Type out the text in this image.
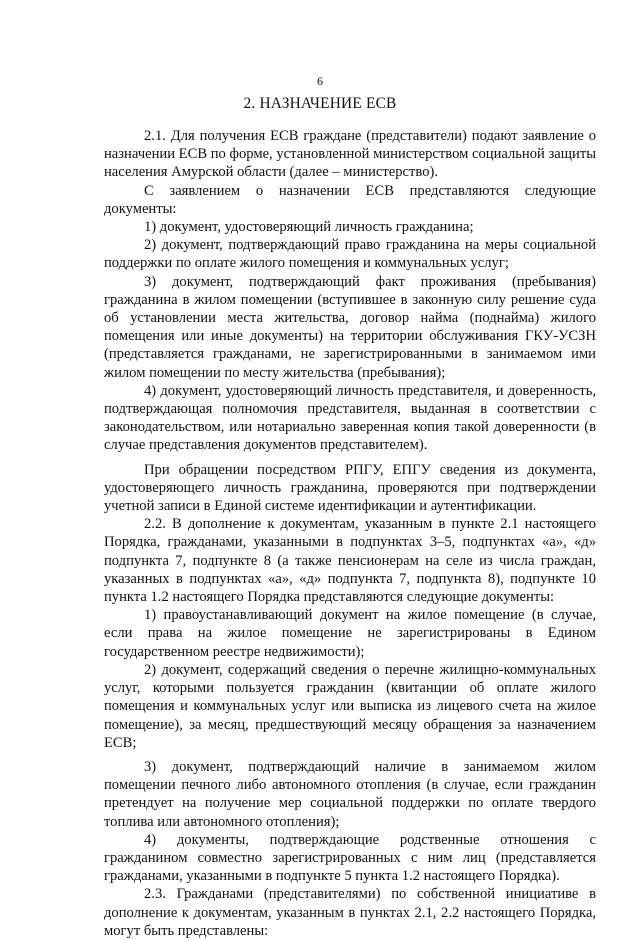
6
2. НАЗНАЧЕНИЕ ЕСВ

2.1. Для получения ЕСВ граждане (представители) подают заявление о назначении ЕСВ по форме, установленной министерством социальной защиты населения Амурской области (далее – министерство).

С заявлением о назначении ЕСВ представляются следующие документы:

1) документ, удостоверяющий личность гражданина;

2) документ, подтверждающий право гражданина на меры социальной поддержки по оплате жилого помещения и коммунальных услуг;

3) документ, подтверждающий факт проживания (пребывания) гражданина в жилом помещении (вступившее в законную силу решение суда об установлении места жительства, договор найма (поднайма) жилого помещения или иные документы) на территории обслуживания ГКУ-УСЗН (представляется гражданами, не зарегистрированными в занимаемом ими жилом помещении по месту жительства (пребывания);

4) документ, удостоверяющий личность представителя, и доверенность, подтверждающая полномочия представителя, выданная в соответствии с законодательством, или нотариально заверенная копия такой доверенности (в случае представления документов представителем).

При обращении посредством РПГУ, ЕПГУ сведения из документа, удостоверяющего личность гражданина, проверяются при подтверждении учетной записи в Единой системе идентификации и аутентификации.

2.2. В дополнение к документам, указанным в пункте 2.1 настоящего Порядка, гражданами, указанными в подпунктах 3–5, подпунктах «а», «д» подпункта 7, подпункте 8 (а также пенсионерам на селе из числа граждан, указанных в подпунктах «а», «д» подпункта 7, подпункта 8), подпункте 10 пункта 1.2 настоящего Порядка представляются следующие документы:

1) правоустанавливающий документ на жилое помещение (в случае, если права на жилое помещение не зарегистрированы в Едином государственном реестре недвижимости);

2) документ, содержащий сведения о перечне жилищно-коммунальных услуг, которыми пользуется гражданин (квитанции об оплате жилого помещения и коммунальных услуг или выписка из лицевого счета на жилое помещение), за месяц, предшествующий месяцу обращения за назначением ЕСВ;

3) документ, подтверждающий наличие в занимаемом жилом помещении печного либо автономного отопления (в случае, если гражданин претендует на получение мер социальной поддержки по оплате твердого топлива или автономного отопления);

4) документы, подтверждающие родственные отношения с гражданином совместно зарегистрированных с ним лиц (представляется гражданами, указанными в подпункте 5 пункта 1.2 настоящего Порядка).

2.3. Гражданами (представителями) по собственной инициативе в дополнение к документам, указанным в пунктах 2.1, 2.2 настоящего Порядка, могут быть представлены:
